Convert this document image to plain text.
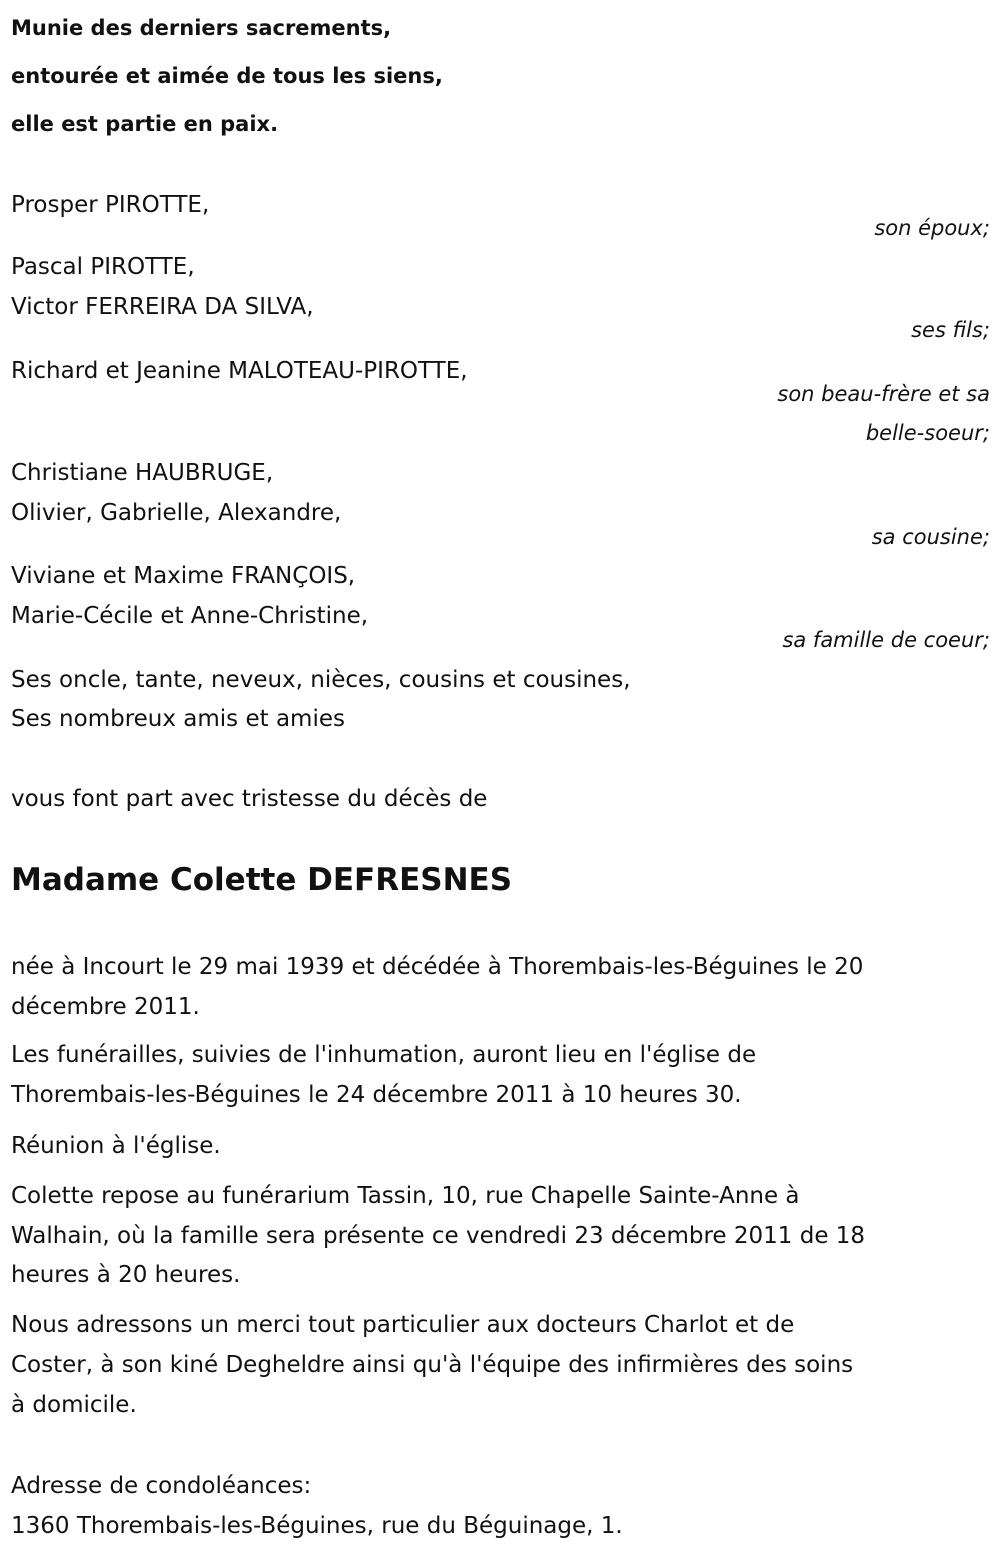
Munie des derniers sacrements,
entourée et aimée de tous les siens,
elle est partie en paix.
Prosper PIROTTE,
son époux;
Pascal PIROTTE,
Victor FERREIRA DA SILVA,
ses fils;
Richard et Jeanine MALOTEAU-PIROTTE,
son beau-frère et sa
belle-soeur;
Christiane HAUBRUGE,
Olivier, Gabrielle, Alexandre,
sa cousine;
Viviane et Maxime FRANÇOIS,
Marie-Cécile et Anne-Christine,
sa famille de coeur;
Ses oncle, tante, neveux, nièces, cousins et cousines,
Ses nombreux amis et amies
vous font part avec tristesse du décès de
Madame Colette DEFRESNES
née à Incourt le 29 mai 1939 et décédée à Thorembais-les-Béguines le 20
décembre 2011.
Les funérailles, suivies de l'inhumation, auront lieu en l'église de
Thorembais-les-Béguines le 24 décembre 2011 à 10 heures 30.
Réunion à l'église.
Colette repose au funérarium Tassin, 10, rue Chapelle Sainte-Anne à
Walhain, où la famille sera présente ce vendredi 23 décembre 2011 de 18
heures à 20 heures.
Nous adressons un merci tout particulier aux docteurs Charlot et de
Coster, à son kiné Degheldre ainsi qu'à l'équipe des infirmières des soins
à domicile.
Adresse de condoléances:
1360 Thorembais-les-Béguines, rue du Béguinage, 1.
